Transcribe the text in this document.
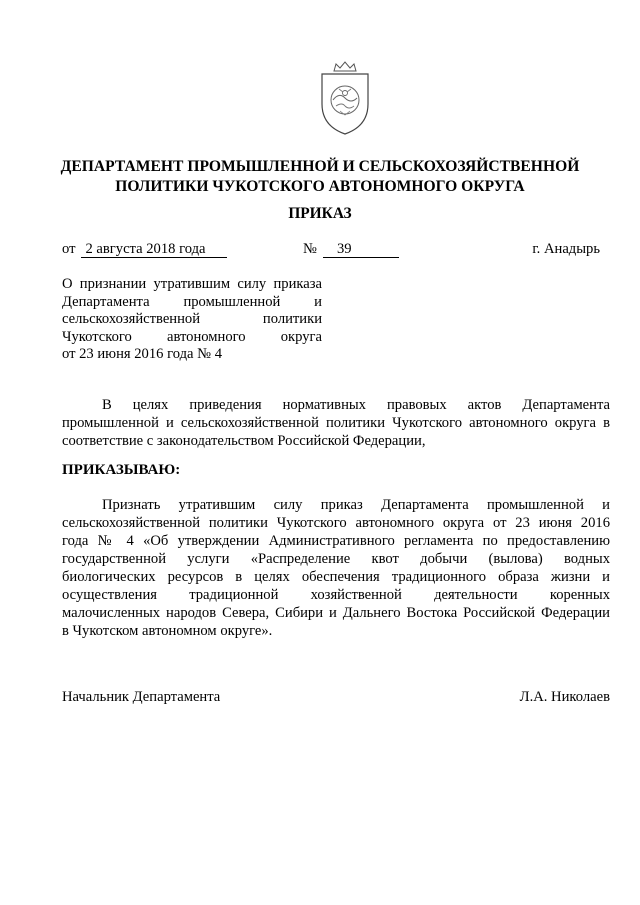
ДЕПАРТАМЕНТ ПРОМЫШЛЕННОЙ И СЕЛЬСКОХОЗЯЙСТВЕННОЙ
ПОЛИТИКИ ЧУКОТСКОГО АВТОНОМНОГО ОКРУГА
ПРИКАЗ
от 2 августа 2018 года	№ 39	г. Анадырь
О признании утратившим силу приказа
Департамента промышленной и
сельскохозяйственной политики
Чукотского автономного округа
от 23 июня 2016 года № 4
В целях приведения нормативных правовых актов Департамента
промышленной и сельскохозяйственной политики Чукотского автономного округа в
соответствие с законодательством Российской Федерации,
ПРИКАЗЫВАЮ:
Признать утратившим силу приказ Департамента промышленной и
сельскохозяйственной политики Чукотского автономного округа от 23 июня 2016
года № 4 «Об утверждении Административного регламента по предоставлению
государственной услуги «Распределение квот добычи (вылова) водных
биологических ресурсов в целях обеспечения традиционного образа жизни и
осуществления традиционной хозяйственной деятельности коренных
малочисленных народов Севера, Сибири и Дальнего Востока Российской Федерации
в Чукотском автономном округе».
Начальник Департамента	Л.А. Николаев
